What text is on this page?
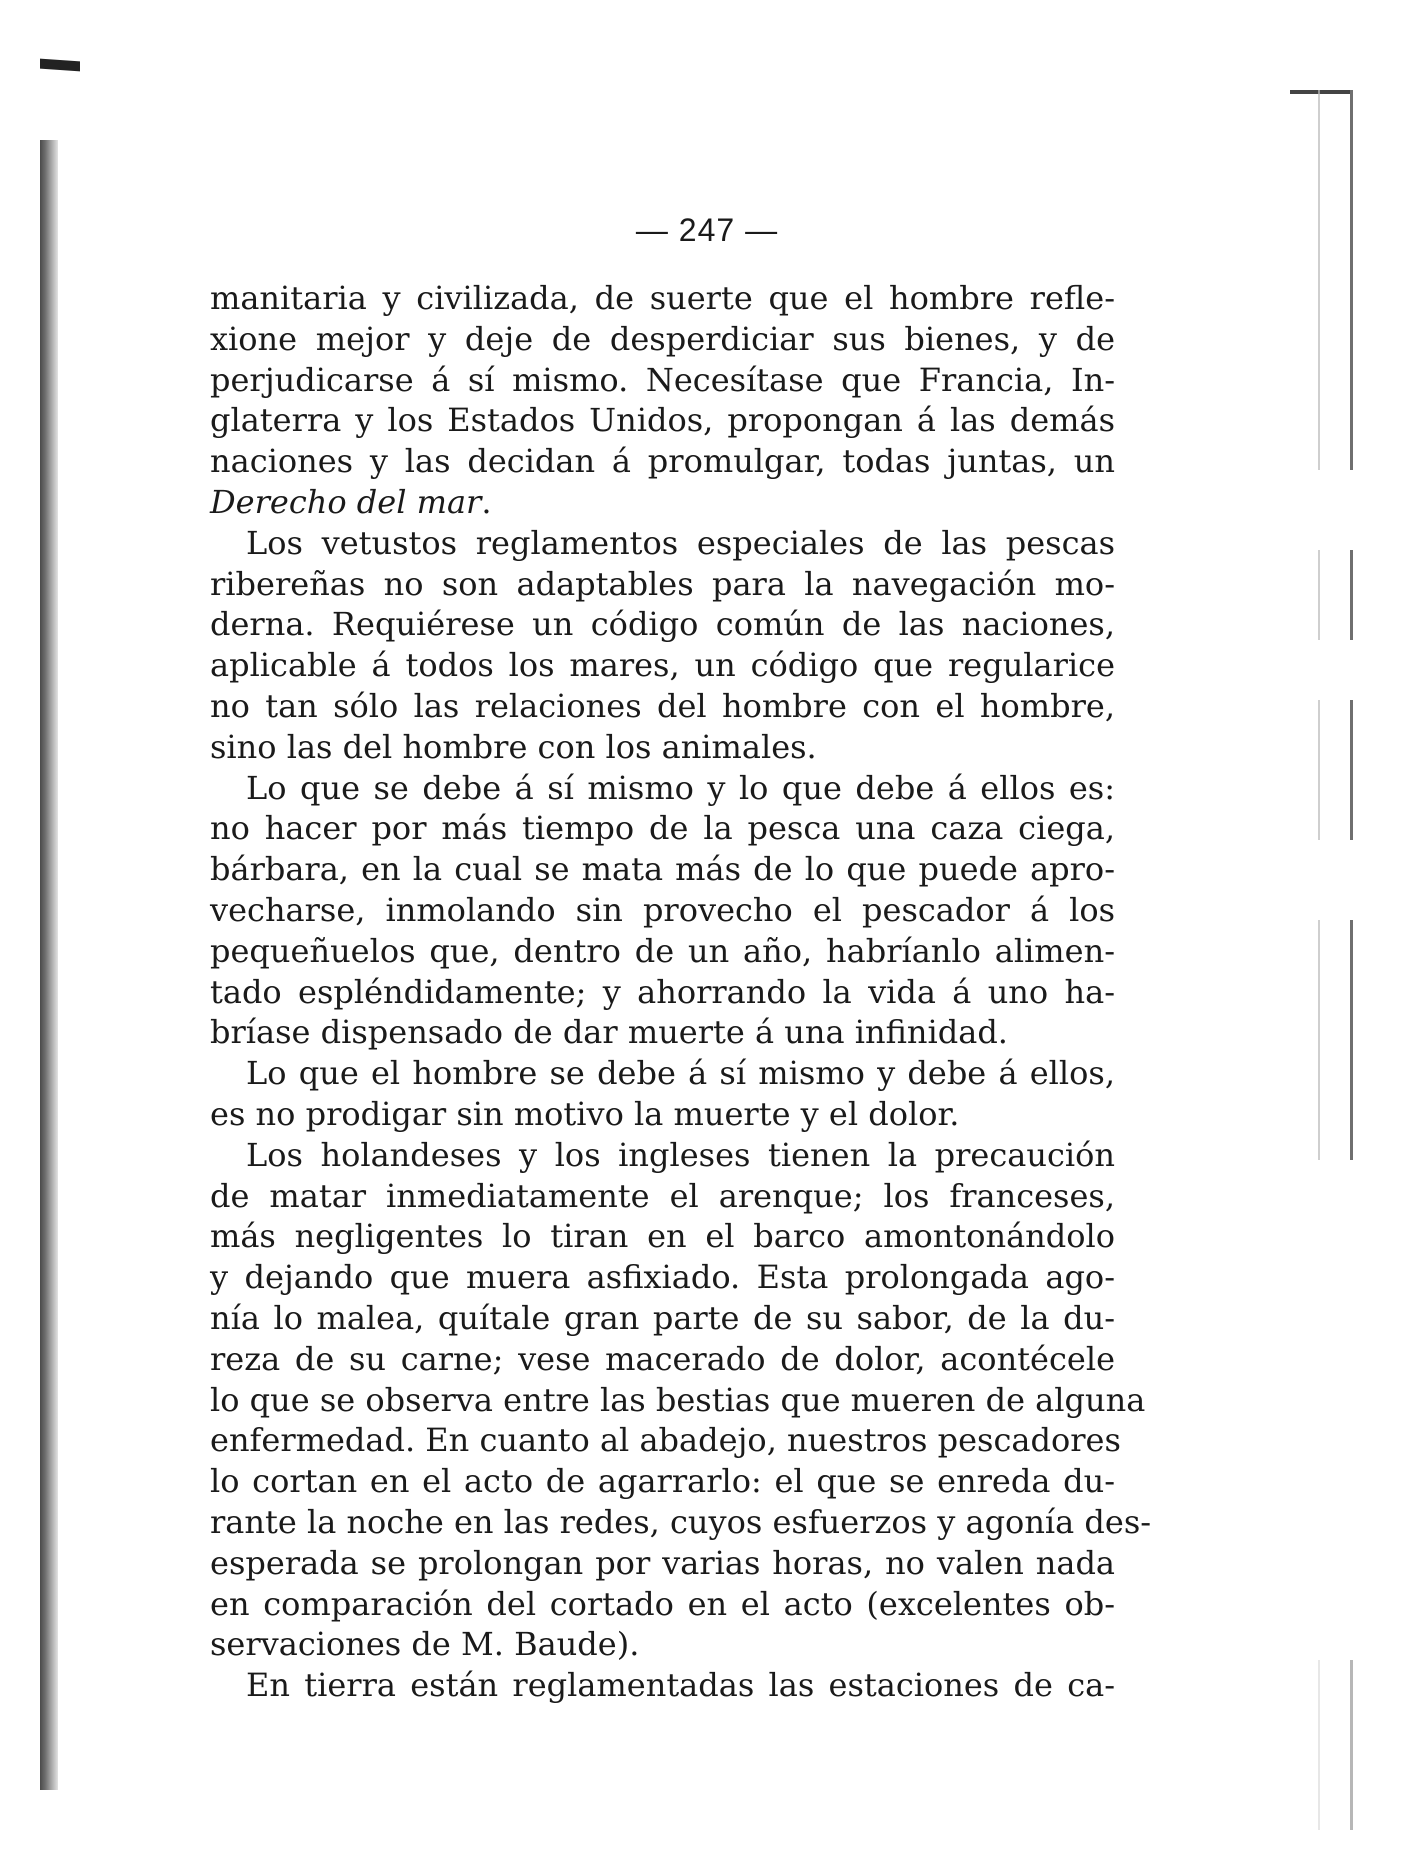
— 247 —
manitaria y civilizada, de suerte que el hombre refle-
xione mejor y deje de desperdiciar sus bienes, y de
perjudicarse á sí mismo. Necesítase que Francia, In-
glaterra y los Estados Unidos, propongan á las demás
naciones y las decidan á promulgar, todas juntas, un
Derecho del mar.
Los vetustos reglamentos especiales de las pescas
ribereñas no son adaptables para la navegación mo-
derna. Requiérese un código común de las naciones,
aplicable á todos los mares, un código que regularice
no tan sólo las relaciones del hombre con el hombre,
sino las del hombre con los animales.
Lo que se debe á sí mismo y lo que debe á ellos es:
no hacer por más tiempo de la pesca una caza ciega,
bárbara, en la cual se mata más de lo que puede apro-
vecharse, inmolando sin provecho el pescador á los
pequeñuelos que, dentro de un año, habríanlo alimen-
tado espléndidamente; y ahorrando la vida á uno ha-
bríase dispensado de dar muerte á una infinidad.
Lo que el hombre se debe á sí mismo y debe á ellos,
es no prodigar sin motivo la muerte y el dolor.
Los holandeses y los ingleses tienen la precaución
de matar inmediatamente el arenque; los franceses,
más negligentes lo tiran en el barco amontonándolo
y dejando que muera asfixiado. Esta prolongada ago-
nía lo malea, quítale gran parte de su sabor, de la du-
reza de su carne; vese macerado de dolor, acontécele
lo que se observa entre las bestias que mueren de alguna
enfermedad. En cuanto al abadejo, nuestros pescadores
lo cortan en el acto de agarrarlo: el que se enreda du-
rante la noche en las redes, cuyos esfuerzos y agonía des-
esperada se prolongan por varias horas, no valen nada
en comparación del cortado en el acto (excelentes ob-
servaciones de M. Baude).
En tierra están reglamentadas las estaciones de ca-
